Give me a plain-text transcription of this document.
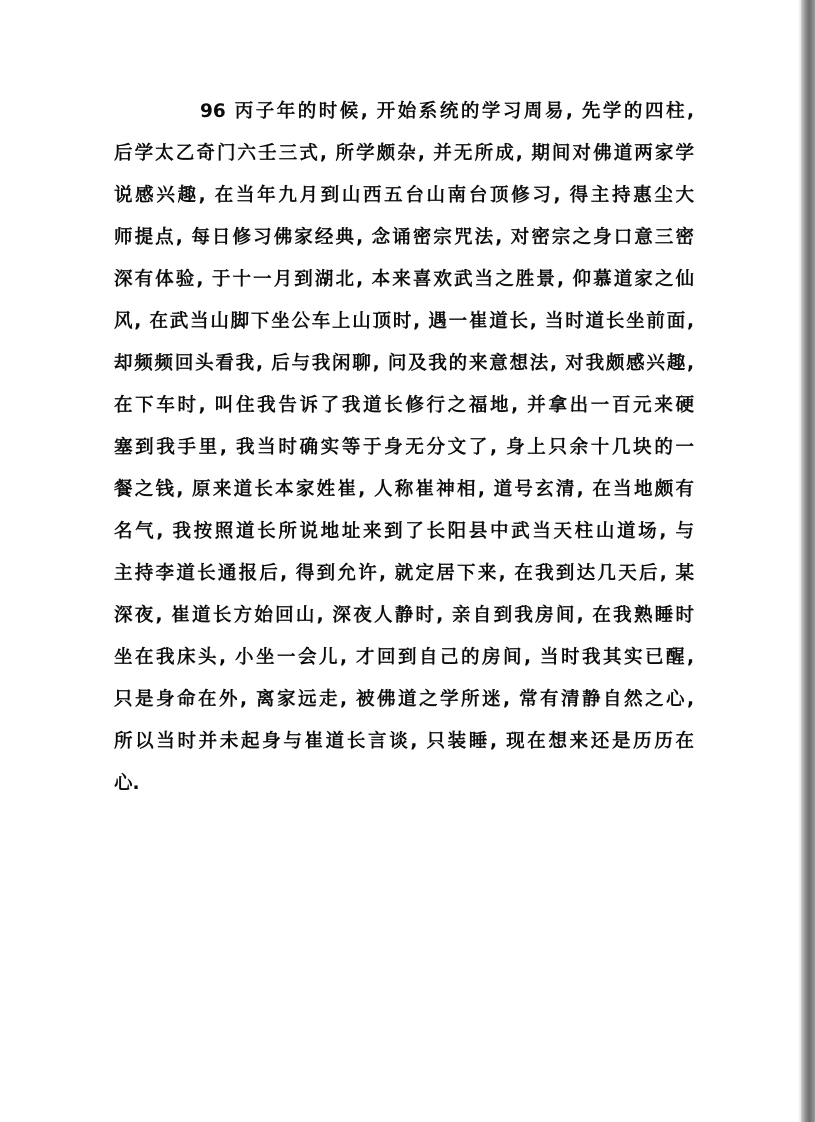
96 丙子年的时候, 开始系统的学习周易, 先学的四柱,
后学太乙奇门六壬三式, 所学颇杂, 并无所成, 期间对佛道两家学
说感兴趣, 在当年九月到山西五台山南台顶修习, 得主持惠尘大
师提点, 每日修习佛家经典, 念诵密宗咒法, 对密宗之身口意三密
深有体验, 于十一月到湖北, 本来喜欢武当之胜景, 仰慕道家之仙
风, 在武当山脚下坐公车上山顶时, 遇一崔道长, 当时道长坐前面,
却频频回头看我, 后与我闲聊, 问及我的来意想法, 对我颇感兴趣,
在下车时, 叫住我告诉了我道长修行之福地, 并拿出一百元来硬
塞到我手里, 我当时确实等于身无分文了, 身上只余十几块的一
餐之钱, 原来道长本家姓崔, 人称崔神相, 道号玄清, 在当地颇有
名气, 我按照道长所说地址来到了长阳县中武当天柱山道场, 与
主持李道长通报后, 得到允许, 就定居下来, 在我到达几天后, 某
深夜, 崔道长方始回山, 深夜人静时, 亲自到我房间, 在我熟睡时
坐在我床头, 小坐一会儿, 才回到自己的房间, 当时我其实已醒,
只是身命在外, 离家远走, 被佛道之学所迷, 常有清静自然之心,
所以当时并未起身与崔道长言谈, 只装睡, 现在想来还是历历在
心.
